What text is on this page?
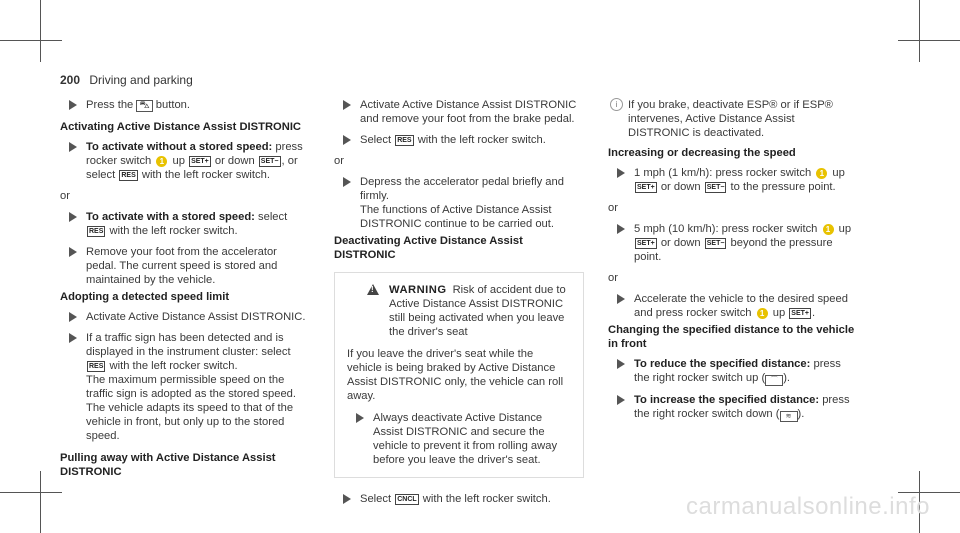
200 Driving and parking
Press the ⛍ button.
Activating Active Distance Assist DISTRONIC
To activate without a stored speed: press rocker switch 1 up SET+ or down SET− , or select RES with the left rocker switch.
or
To activate with a stored speed: select RES with the left rocker switch.
Remove your foot from the accelerator pedal. The current speed is stored and maintained by the vehicle.
Adopting a detected speed limit
Activate Active Distance Assist DISTRONIC.
If a traffic sign has been detected and is displayed in the instrument cluster: select RES with the left rocker switch.
The maximum permissible speed on the traffic sign is adopted as the stored speed. The vehicle adapts its speed to that of the vehicle in front, but only up to the stored speed.
Pulling away with Active Distance Assist DISTRONIC
Activate Active Distance Assist DISTRONIC and remove your foot from the brake pedal.
Select RES with the left rocker switch.
or
Depress the accelerator pedal briefly and firmly.
The functions of Active Distance Assist DISTRONIC continue to be carried out.
Deactivating Active Distance Assist DISTRONIC
! WARNING Risk of accident due to Active Distance Assist DISTRONIC still being activated when you leave the driver's seat
If you leave the driver's seat while the vehicle is being braked by Active Distance Assist DISTRONIC only, the vehicle can roll away.
Always deactivate Active Distance Assist DISTRONIC and secure the vehicle to prevent it from rolling away before you leave the driver's seat.
Select CNCL with the left rocker switch.
i If you brake, deactivate ESP® or if ESP® intervenes, Active Distance Assist DISTRONIC is deactivated.
Increasing or decreasing the speed
1 mph (1 km/h): press rocker switch 1 up SET+ or down SET− to the pressure point.
or
5 mph (10 km/h): press rocker switch 1 up SET+ or down SET− beyond the pressure point.
or
Accelerate the vehicle to the desired speed and press rocker switch 1 up SET+ .
Changing the specified distance to the vehicle in front
To reduce the specified distance: press the right rocker switch up ( ⌒ ).
To increase the specified distance: press the right rocker switch down ( ≋ ).
carmanualsonline.info
